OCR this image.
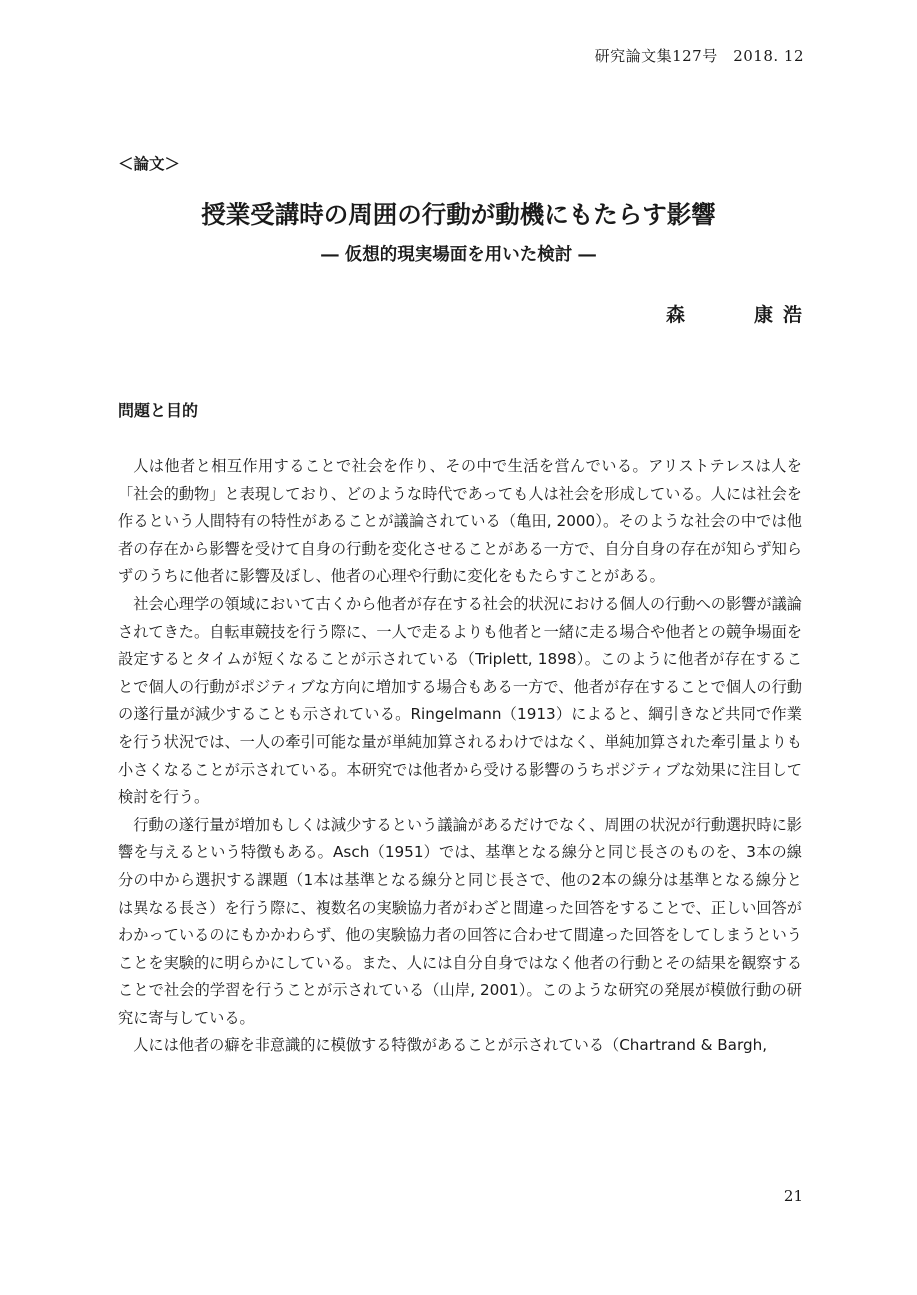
研究論文集127号　2018. 12
＜論文＞
授業受講時の周囲の行動が動機にもたらす影響
― 仮想的現実場面を用いた検討 ―
森	康浩
問題と目的

人は他者と相互作用することで社会を作り、その中で生活を営んでいる。アリストテレスは人を「社会的動物」と表現しており、どのような時代であっても人は社会を形成している。人には社会を作るという人間特有の特性があることが議論されている（亀田, 2000）。そのような社会の中では他者の存在から影響を受けて自身の行動を変化させることがある一方で、自分自身の存在が知らず知らずのうちに他者に影響及ぼし、他者の心理や行動に変化をもたらすことがある。

社会心理学の領域において古くから他者が存在する社会的状況における個人の行動への影響が議論されてきた。自転車競技を行う際に、一人で走るよりも他者と一緒に走る場合や他者との競争場面を設定するとタイムが短くなることが示されている（Triplett, 1898）。このように他者が存在することで個人の行動がポジティブな方向に増加する場合もある一方で、他者が存在することで個人の行動の遂行量が減少することも示されている。Ringelmann（1913）によると、綱引きなど共同で作業を行う状況では、一人の牽引可能な量が単純加算されるわけではなく、単純加算された牽引量よりも小さくなることが示されている。本研究では他者から受ける影響のうちポジティブな効果に注目して検討を行う。

行動の遂行量が増加もしくは減少するという議論があるだけでなく、周囲の状況が行動選択時に影響を与えるという特徴もある。Asch（1951）では、基準となる線分と同じ長さのものを、3本の線分の中から選択する課題（1本は基準となる線分と同じ長さで、他の2本の線分は基準となる線分とは異なる長さ）を行う際に、複数名の実験協力者がわざと間違った回答をすることで、正しい回答がわかっているのにもかかわらず、他の実験協力者の回答に合わせて間違った回答をしてしまうということを実験的に明らかにしている。また、人には自分自身ではなく他者の行動とその結果を観察することで社会的学習を行うことが示されている（山岸, 2001）。このような研究の発展が模倣行動の研究に寄与している。

人には他者の癖を非意識的に模倣する特徴があることが示されている（Chartrand & Bargh,

21
